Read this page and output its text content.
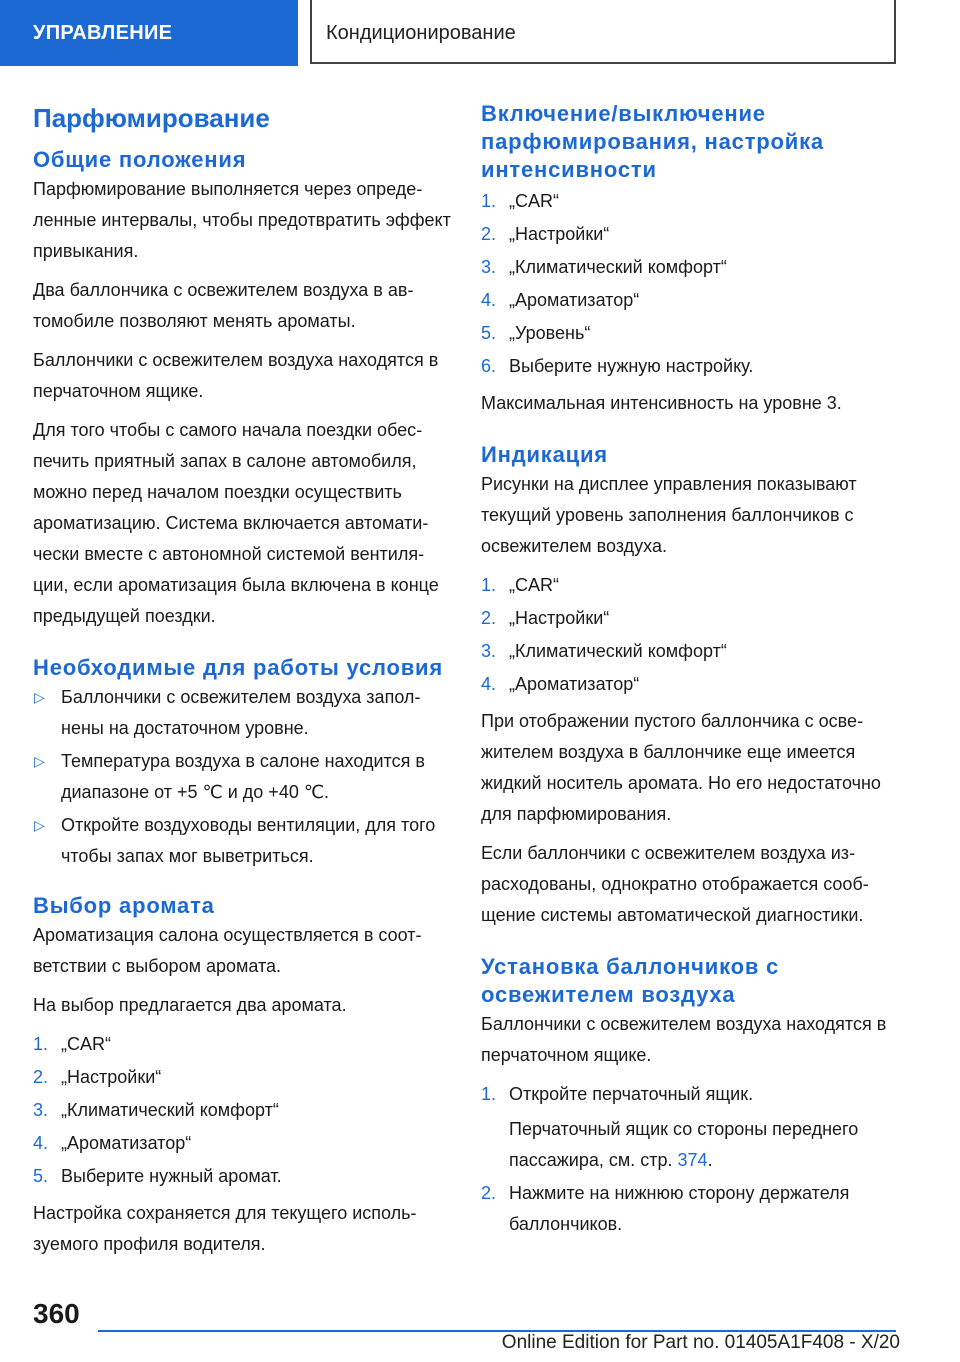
УПРАВЛЕНИЕ	Кондиционирование
Парфюмирование
Общие положения

Парфюмирование выполняется через определенные интервалы, чтобы предотвратить эффект привыкания.

Два баллончика с освежителем воздуха в автомобиле позволяют менять ароматы.

Баллончики с освежителем воздуха находятся в перчаточном ящике.

Для того чтобы с самого начала поездки обеспечить приятный запах в салоне автомобиля, можно перед началом поездки осуществить ароматизацию. Система включается автоматически вместе с автономной системой вентиляции, если ароматизация была включена в конце предыдущей поездки.

Необходимые для работы условия
▷ Баллончики с освежителем воздуха заполнены на достаточном уровне.
▷ Температура воздуха в салоне находится в диапазоне от +5 ℃ и до +40 ℃.
▷ Откройте воздуховоды вентиляции, для того чтобы запах мог выветриться.
Выбор аромата

Ароматизация салона осуществляется в соответствии с выбором аромата.

На выбор предлагается два аромата.

1. „CAR“
2. „Настройки“
3. „Климатический комфорт“
4. „Ароматизатор“
5. Выберите нужный аромат.

Настройка сохраняется для текущего используемого профиля водителя.

Включение/выключение парфюмирования, настройка интенсивности
1. „CAR“
2. „Настройки“
3. „Климатический комфорт“
4. „Ароматизатор“
5. „Уровень“
6. Выберите нужную настройку.

Максимальная интенсивность на уровне 3.

Индикация

Рисунки на дисплее управления показывают текущий уровень заполнения баллончиков с освежителем воздуха.

1. „CAR“
2. „Настройки“
3. „Климатический комфорт“
4. „Ароматизатор“

При отображении пустого баллончика с освежителем воздуха в баллончике еще имеется жидкий носитель аромата. Но его недостаточно для парфюмирования.

Если баллончики с освежителем воздуха израсходованы, однократно отображается сообщение системы автоматической диагностики.

Установка баллончиков с освежителем воздуха

Баллончики с освежителем воздуха находятся в перчаточном ящике.

1. Откройте перчаточный ящик.
Перчаточный ящик со стороны переднего пассажира, см. стр. 374.
2. Нажмите на нижнюю сторону держателя баллончиков.
360
Online Edition for Part no. 01405A1F408 - X/20
